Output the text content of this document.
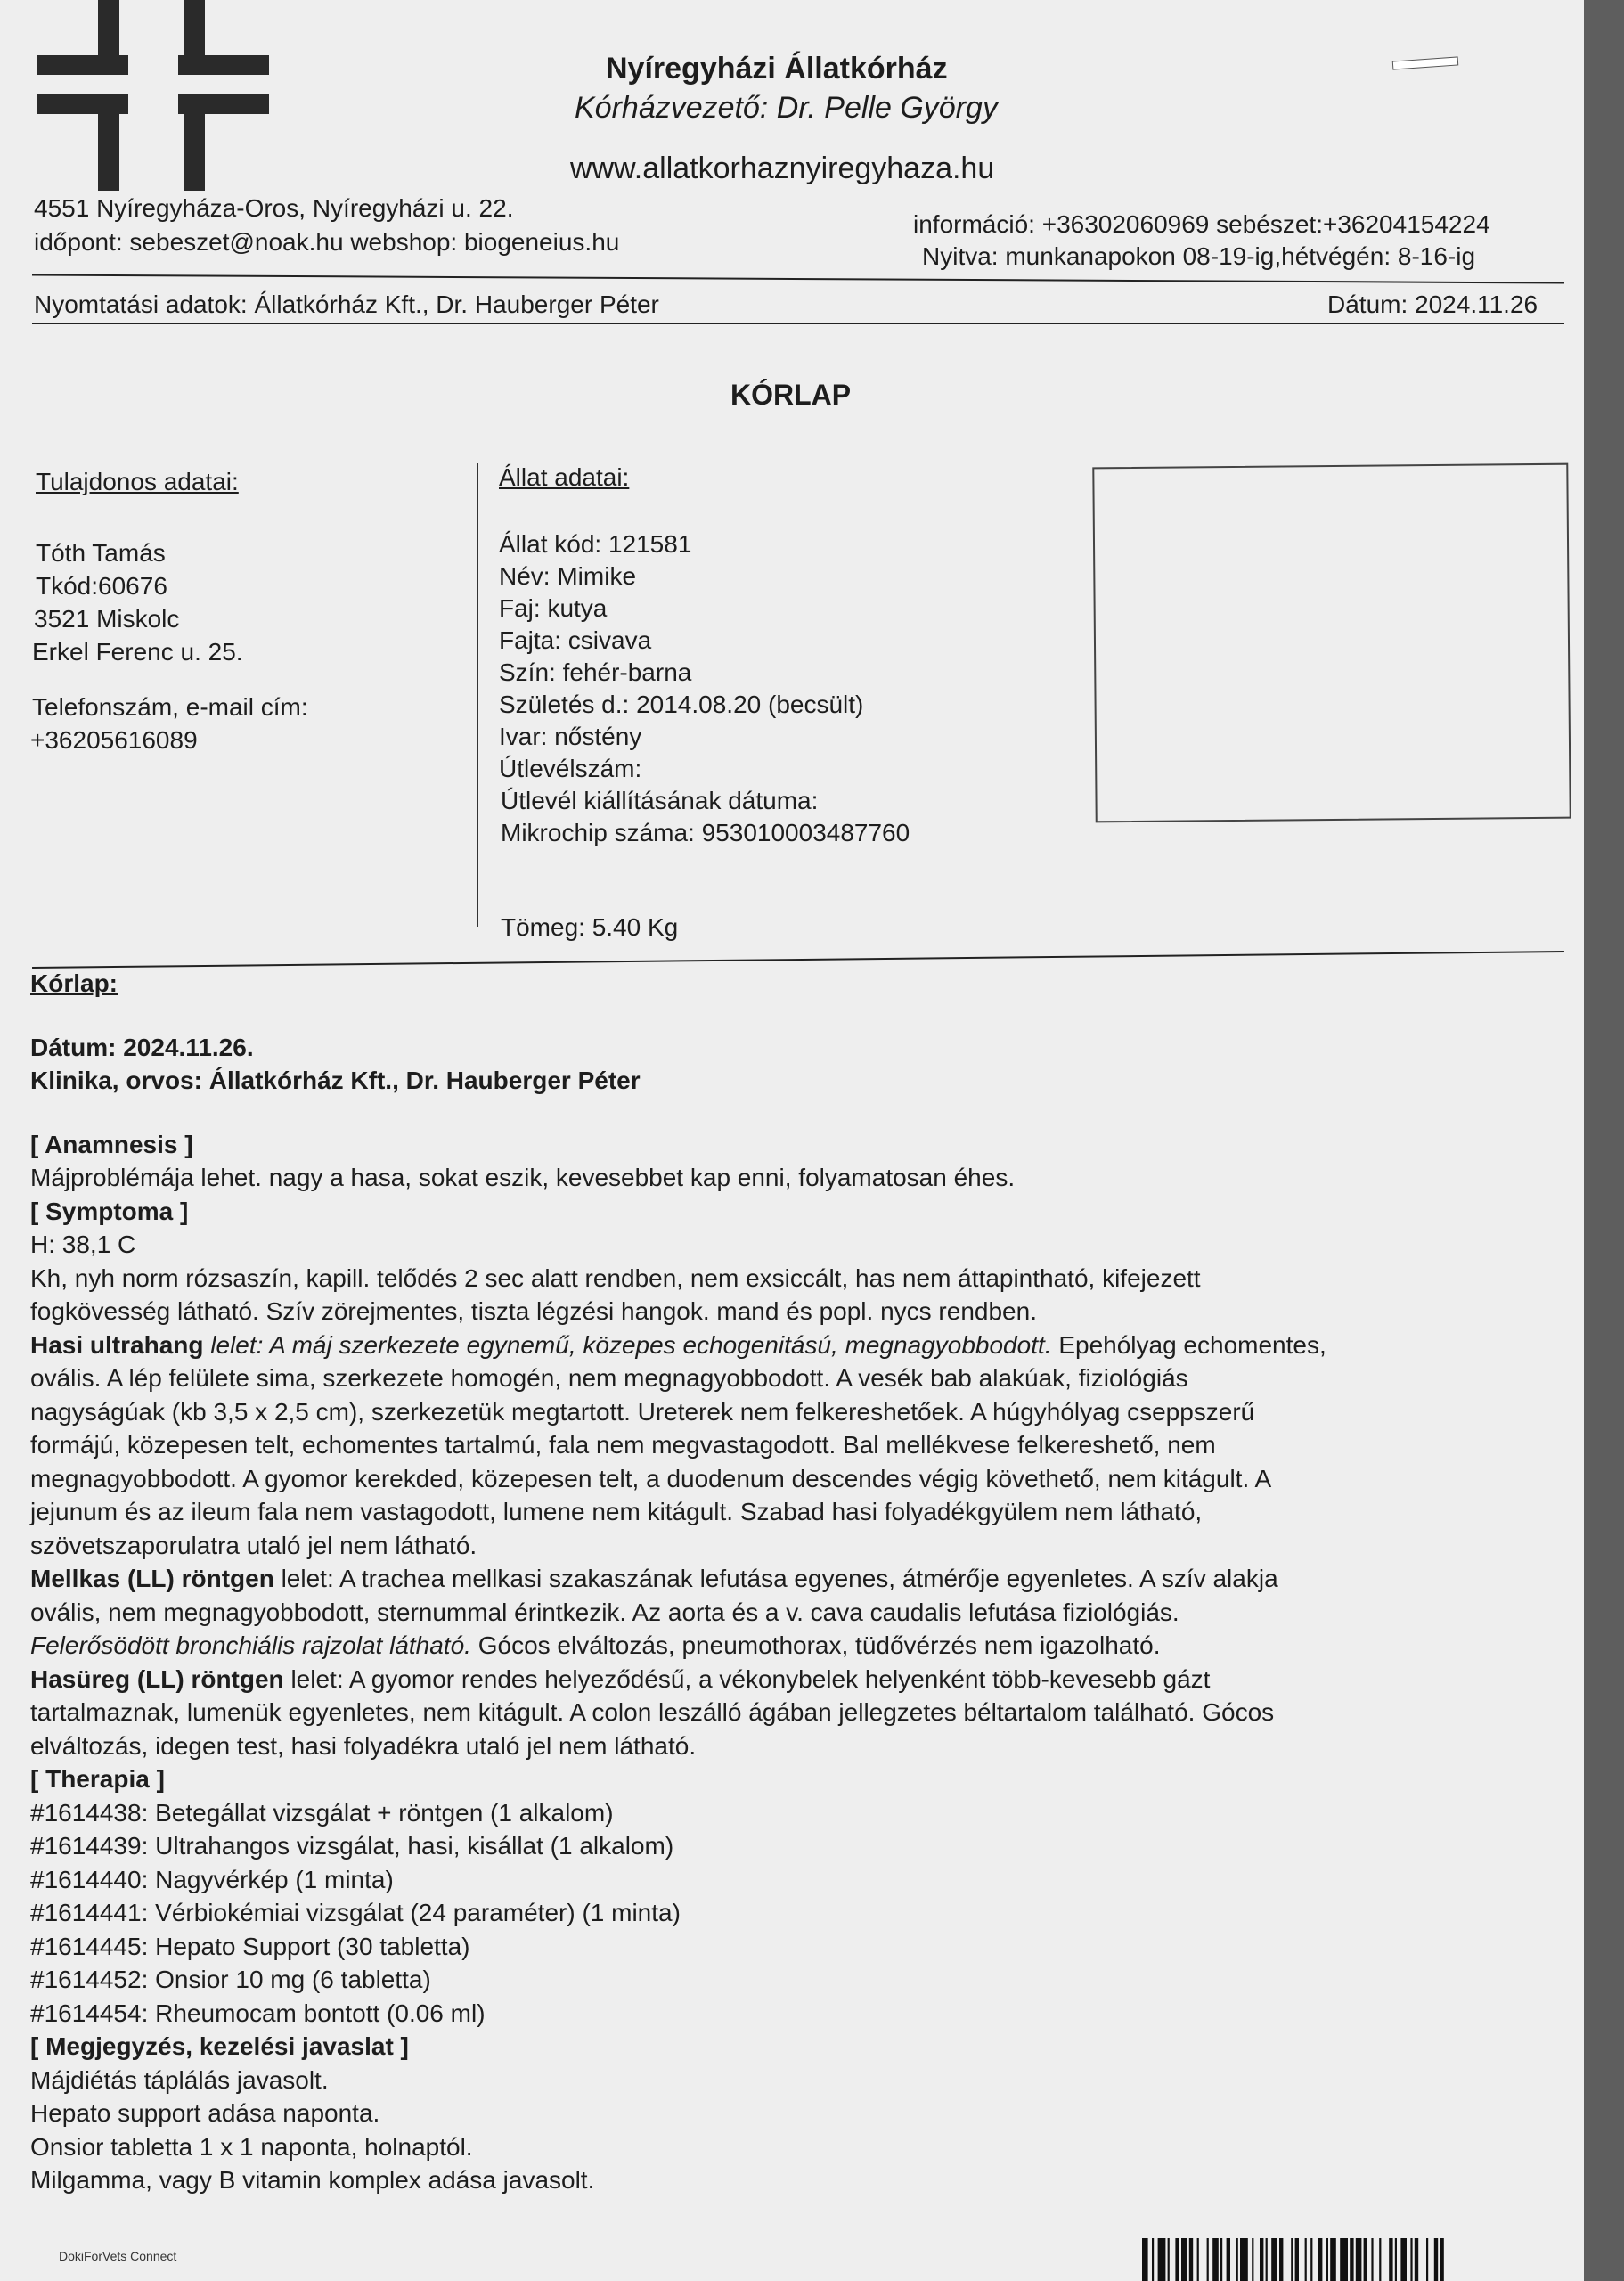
Nyíregyházi Állatkórház
Kórházvezető: Dr. Pelle György
www.allatkorhaznyiregyhaza.hu
4551 Nyíregyháza-Oros, Nyíregyházi u. 22.
időpont: sebeszet@noak.hu webshop: biogeneius.hu
információ: +36302060969 sebészet:+36204154224
Nyitva: munkanapokon 08-19-ig,hétvégén: 8-16-ig
Nyomtatási adatok: Állatkórház Kft., Dr. Hauberger Péter	Dátum: 2024.11.26
KÓRLAP
Tulajdonos adatai:
Tóth Tamás
Tkód:60676
3521 Miskolc
Erkel Ferenc u. 25.
Telefonszám, e-mail cím:
+36205616089
Állat adatai:
Állat kód: 121581
Név: Mimike
Faj: kutya
Fajta: csivava
Szín: fehér-barna
Születés d.: 2014.08.20 (becsült)
Ivar: nőstény
Útlevélszám:
Útlevél kiállításának dátuma:
Mikrochip száma: 953010003487760
Tömeg: 5.40 Kg
Kórlap:
Dátum: 2024.11.26.
Klinika, orvos: Állatkórház Kft., Dr. Hauberger Péter
[ Anamnesis ]
Májproblémája lehet. nagy a hasa, sokat eszik, kevesebbet kap enni, folyamatosan éhes.
[ Symptoma ]
H: 38,1 C
Kh, nyh norm rózsaszín, kapill. telődés 2 sec alatt rendben, nem exsiccált, has nem áttapintható, kifejezett
fogkövesség látható. Szív zörejmentes, tiszta légzési hangok. mand és popl. nycs rendben.
Hasi ultrahang lelet: A máj szerkezete egynemű, közepes echogenitású, megnagyobbodott. Epehólyag echomentes,
ovális. A lép felülete sima, szerkezete homogén, nem megnagyobbodott. A vesék bab alakúak, fiziológiás
nagyságúak (kb 3,5 x 2,5 cm), szerkezetük megtartott. Ureterek nem felkereshetőek. A húgyhólyag cseppszerű
formájú, közepesen telt, echomentes tartalmú, fala nem megvastagodott. Bal mellékvese felkereshető, nem
megnagyobbodott. A gyomor kerekded, közepesen telt, a duodenum descendes végig követhető, nem kitágult. A
jejunum és az ileum fala nem vastagodott, lumene nem kitágult. Szabad hasi folyadékgyülem nem látható,
szövetszaporulatra utaló jel nem látható.
Mellkas (LL) röntgen lelet: A trachea mellkasi szakaszának lefutása egyenes, átmérője egyenletes. A szív alakja
ovális, nem megnagyobbodott, sternummal érintkezik. Az aorta és a v. cava caudalis lefutása fiziológiás.
Felerősödött bronchiális rajzolat látható. Gócos elváltozás, pneumothorax, tüdővérzés nem igazolható.
Hasüreg (LL) röntgen lelet: A gyomor rendes helyeződésű, a vékonybelek helyenként több-kevesebb gázt
tartalmaznak, lumenük egyenletes, nem kitágult. A colon leszálló ágában jellegzetes béltartalom található. Gócos
elváltozás, idegen test, hasi folyadékra utaló jel nem látható.
[ Therapia ]
#1614438: Betegállat vizsgálat + röntgen (1 alkalom)
#1614439: Ultrahangos vizsgálat, hasi, kisállat (1 alkalom)
#1614440: Nagyvérkép (1 minta)
#1614441: Vérbiokémiai vizsgálat (24 paraméter) (1 minta)
#1614445: Hepato Support (30 tabletta)
#1614452: Onsior 10 mg (6 tabletta)
#1614454: Rheumocam bontott (0.06 ml)
[ Megjegyzés, kezelési javaslat ]
Májdiétás táplálás javasolt.
Hepato support adása naponta.
Onsior tabletta 1 x 1 naponta, holnaptól.
Milgamma, vagy B vitamin komplex adása javasolt.
DokiForVets Connect
